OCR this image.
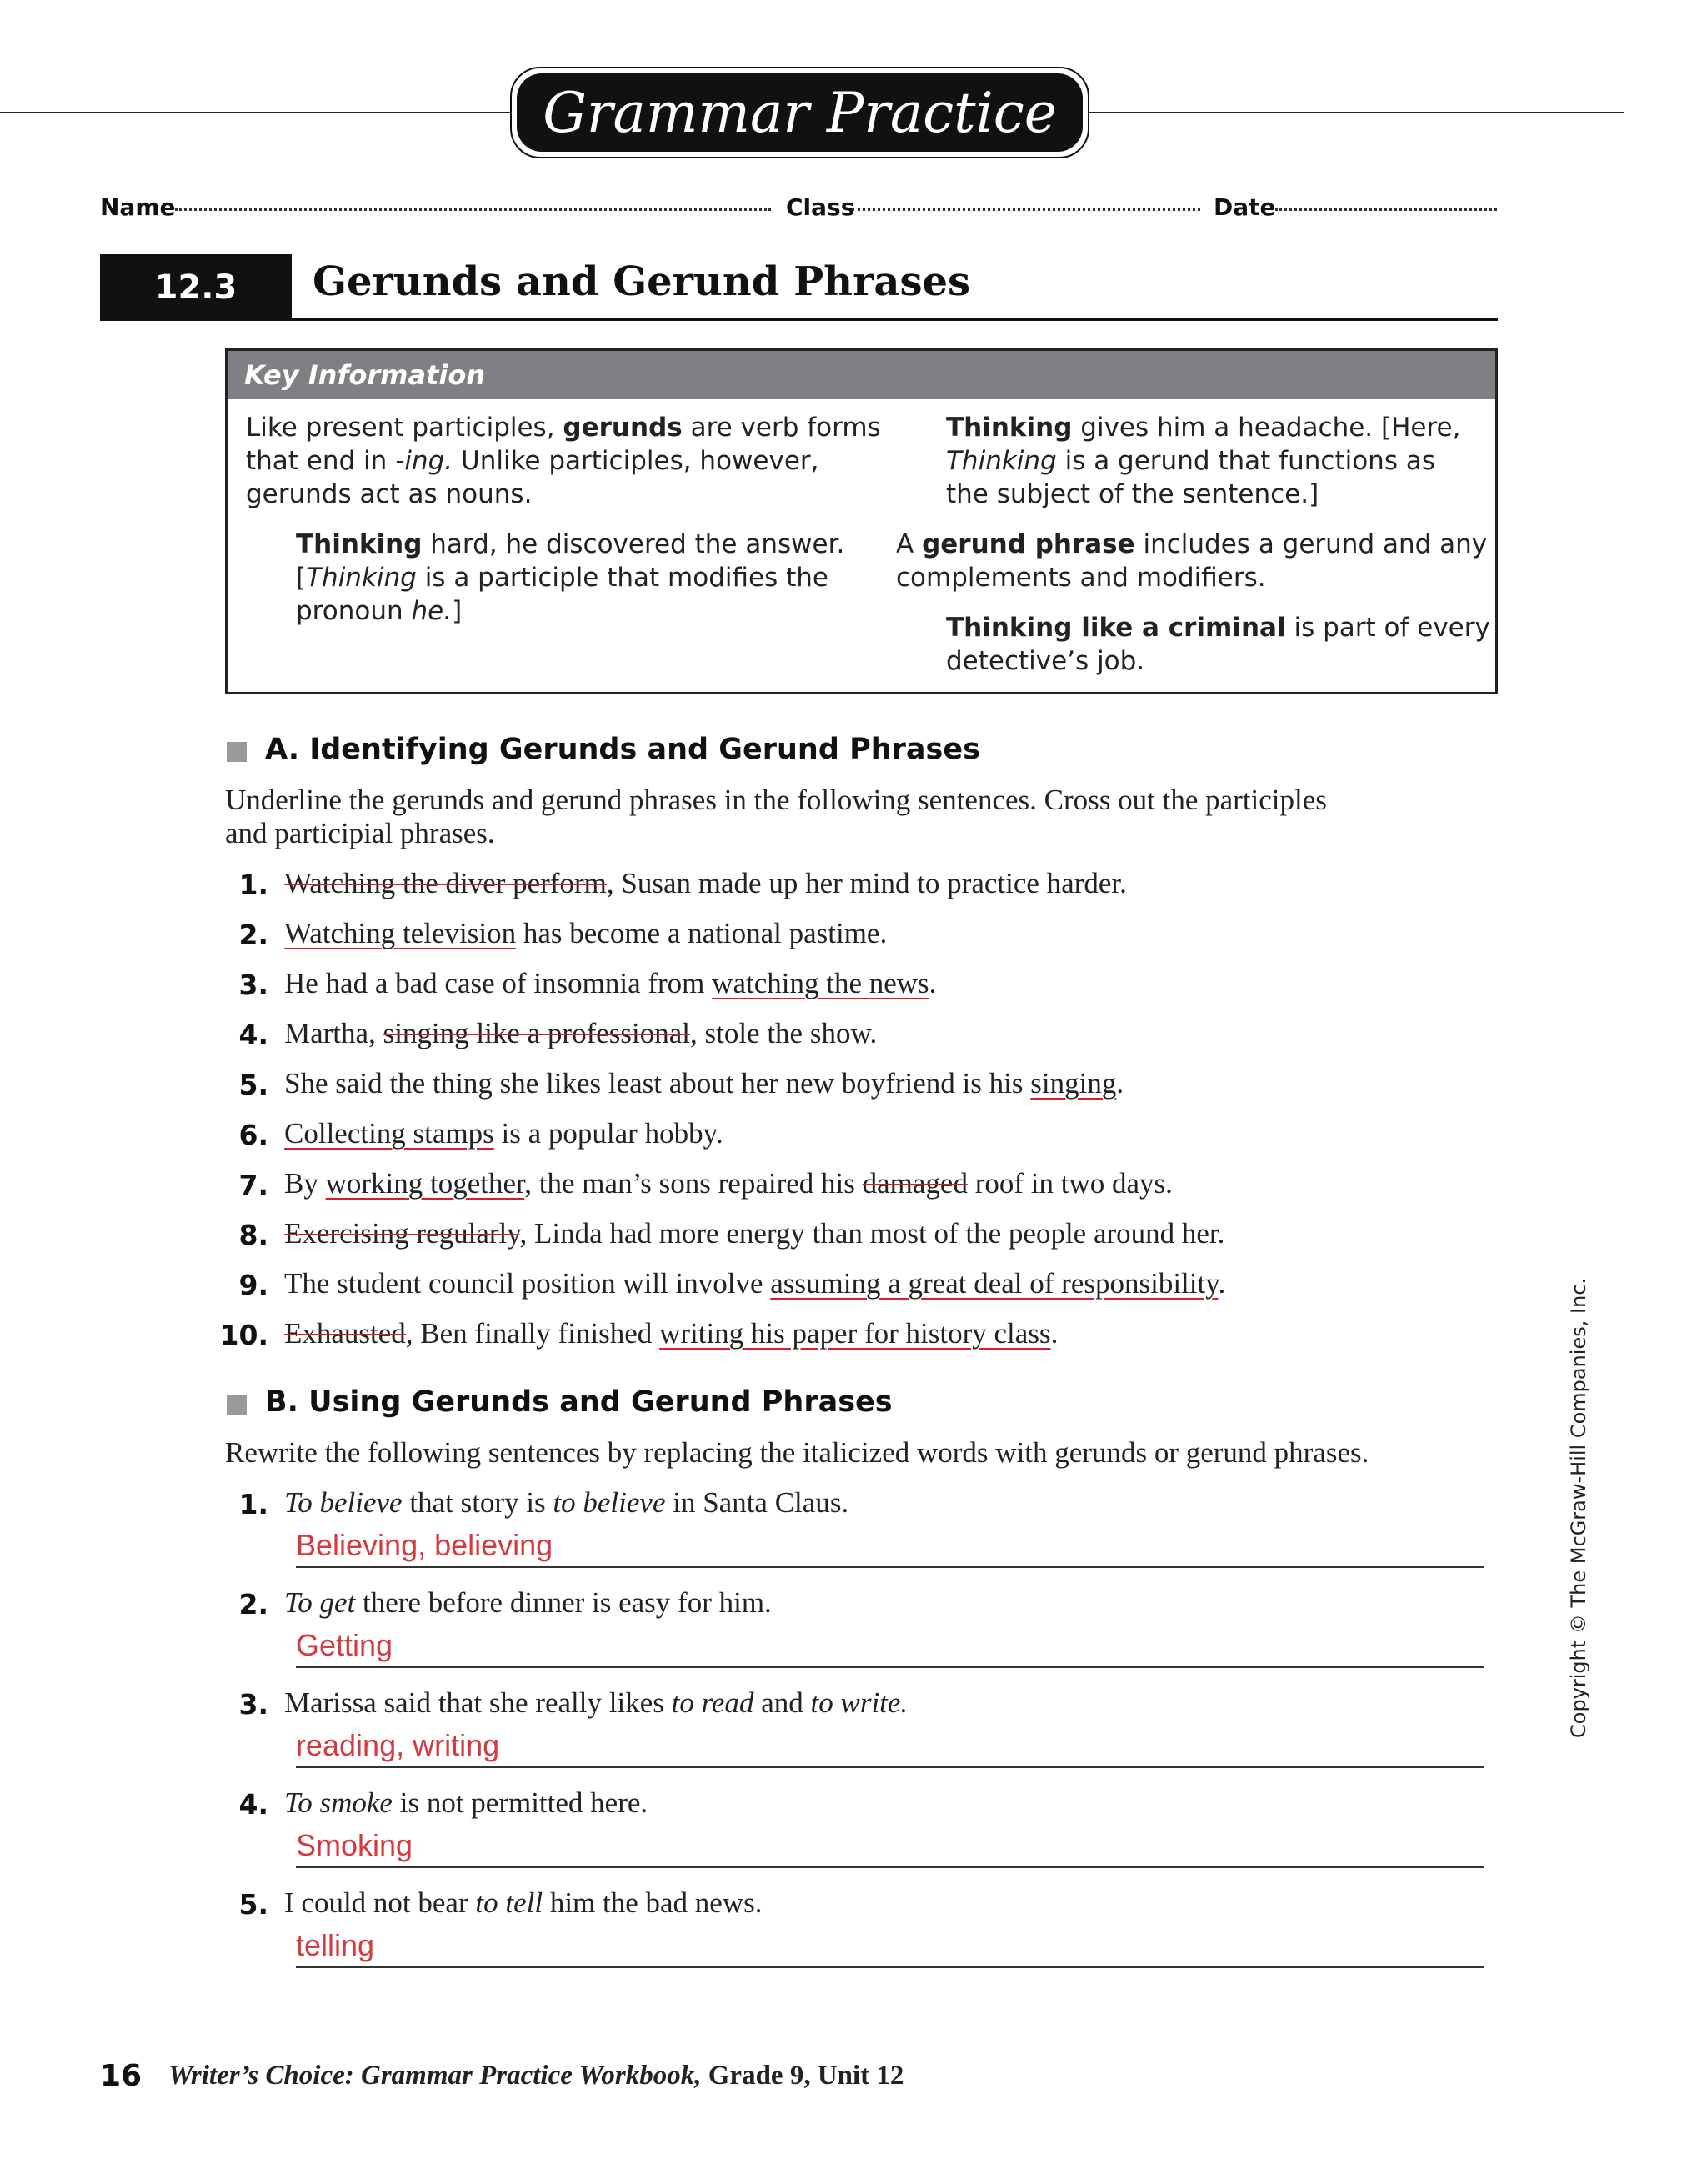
Grammar Practice
Name	Class	Date
12.3	Gerunds and Gerund Phrases
Key Information
Like present participles, gerunds are verb forms
that end in -ing. Unlike participles, however,
gerunds act as nouns.
Thinking hard, he discovered the answer.
[Thinking is a participle that modifies the
pronoun he.]
Thinking gives him a headache. [Here,
Thinking is a gerund that functions as
the subject of the sentence.]
A gerund phrase includes a gerund and any
complements and modifiers.
Thinking like a criminal is part of every
detective’s job.
A. Identifying Gerunds and Gerund Phrases
Underline the gerunds and gerund phrases in the following sentences. Cross out the participles
and participial phrases.
1. Watching the diver perform, Susan made up her mind to practice harder.
2. Watching television has become a national pastime.
3. He had a bad case of insomnia from watching the news.
4. Martha, singing like a professional, stole the show.
5. She said the thing she likes least about her new boyfriend is his singing.
6. Collecting stamps is a popular hobby.
7. By working together, the man’s sons repaired his damaged roof in two days.
8. Exercising regularly, Linda had more energy than most of the people around her.
9. The student council position will involve assuming a great deal of responsibility.
10. Exhausted, Ben finally finished writing his paper for history class.
B. Using Gerunds and Gerund Phrases
Rewrite the following sentences by replacing the italicized words with gerunds or gerund phrases.
1. To believe that story is to believe in Santa Claus.
Believing, believing
2. To get there before dinner is easy for him.
Getting
3. Marissa said that she really likes to read and to write.
reading, writing
4. To smoke is not permitted here.
Smoking
5. I could not bear to tell him the bad news.
telling
Copyright © The McGraw-Hill Companies, Inc.
16 Writer’s Choice: Grammar Practice Workbook, Grade 9, Unit 12
